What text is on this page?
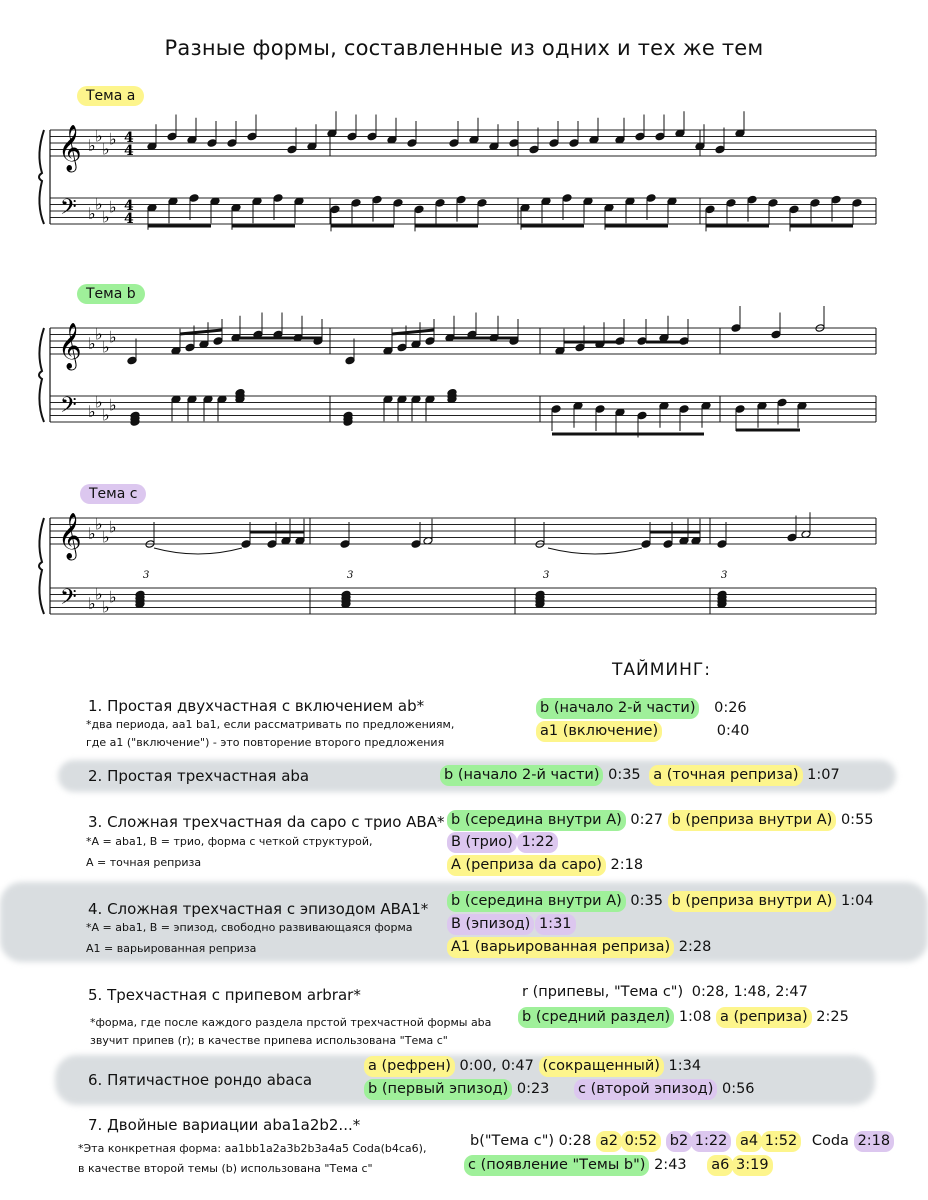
Разные формы, составленные из одних и тех же тем
Тема a
Тема b
Тема c
𝄞
𝄢
♭
♭
♭
♭
♭
♭
♭
♭
4
4
4
4
𝄞
𝄢
♭
♭
♭
♭
♭
♭
♭
♭
𝄞
𝄢
♭
♭
♭
♭
♭
♭
♭
♭
3	3	3	3
ТАЙМИНГ:
1. Простая двухчастная с включением ab*
*два периода, aa1 ba1, если рассматривать по предложениям,
где a1 ("включение") - это повторение второго предложения
b (начало 2-й части) 0:26
a1 (включение)	0:40
2. Простая трехчастная aba	b (начало 2-й части) 0:35 a (точная реприза) 1:07
3. Сложная трехчастная da capo с трио ABA*
*A = aba1, B = трио, форма с четкой структурой,
A = точная реприза
b (середина внутри A) 0:27 b (реприза внутри A) 0:55
B (трио) 1:22
A (реприза da capo) 2:18
4. Сложная трехчастная с эпизодом ABA1*
*A = aba1, B = эпизод, свободно развивающаяся форма
A1 = варьированная реприза
b (середина внутри A) 0:35 b (реприза внутри A) 1:04
B (эпизод) 1:31
A1 (варьированная реприза) 2:28
5. Трехчастная с припевом arbrar*
*форма, где после каждого раздела прстой трехчастной формы aba
звучит припев (r); в качестве припева использована "Тема c"
r (припевы, "Тема c") 0:28, 1:48, 2:47
b (средний раздел) 1:08 a (реприза) 2:25
6. Пятичастное рондо abaca
a (рефрен) 0:00, 0:47 (сокращенный) 1:34
b (первый эпизод) 0:23 c (второй эпизод) 0:56
7. Двойные вариации aba1a2b2...*
*Эта конкретная форма: aa1bb1a2a3b2b3a4a5 Coda(b4ca6),
в качестве второй темы (b) использована "Тема c"
b("Тема c") 0:28 a2 0:52 b2 1:22 a4 1:52 Coda 2:18
c (появление "Темы b") 2:43 a6 3:19
